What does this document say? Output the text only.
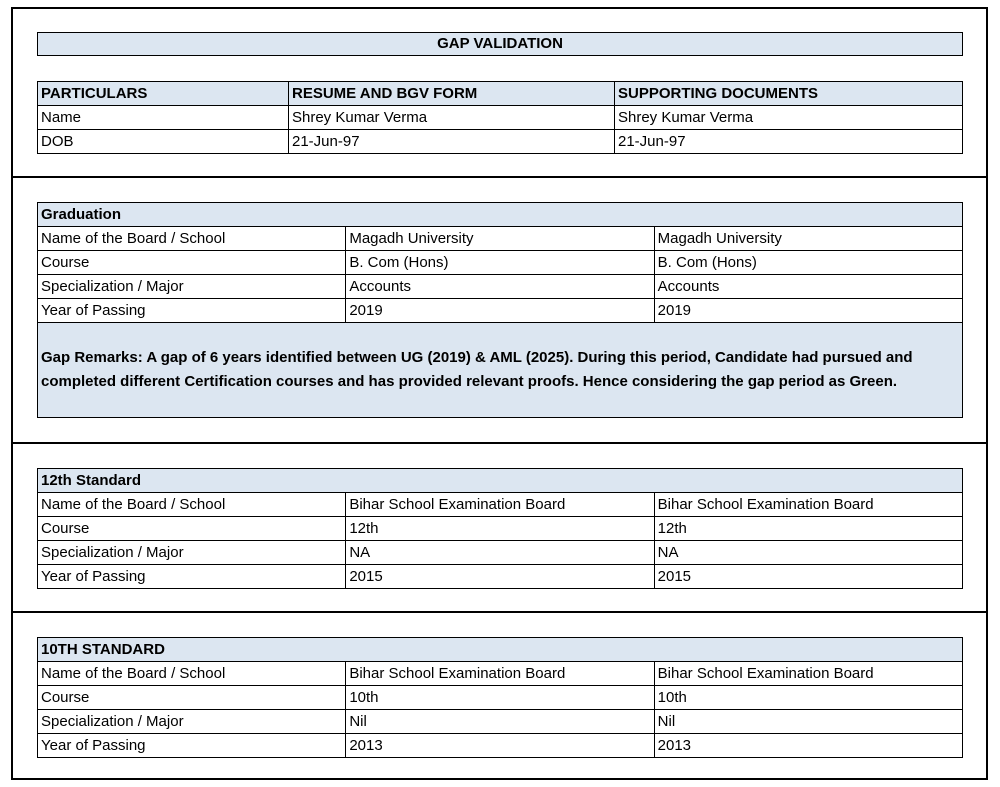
GAP VALIDATION
PARTICULARS	RESUME AND BGV FORM	SUPPORTING DOCUMENTS
Name	Shrey Kumar Verma	Shrey Kumar Verma
DOB	21-Jun-97	21-Jun-97
Graduation		
Name of the Board / School	Magadh University	Magadh University
Course	B. Com (Hons)	B. Com (Hons)
Specialization / Major	Accounts	Accounts
Year of Passing	2019	2019
Gap Remarks: A gap of 6 years identified between UG (2019) & AML (2025). During this period, Candidate had pursued and completed different Certification courses and has provided relevant proofs. Hence considering the gap period as Green.		
12th Standard		
Name of the Board / School	Bihar School Examination Board	Bihar School Examination Board
Course	12th	12th
Specialization / Major	NA	NA
Year of Passing	2015	2015
10TH STANDARD		
Name of the Board / School	Bihar School Examination Board	Bihar School Examination Board
Course	10th	10th
Specialization / Major	Nil	Nil
Year of Passing	2013	2013
